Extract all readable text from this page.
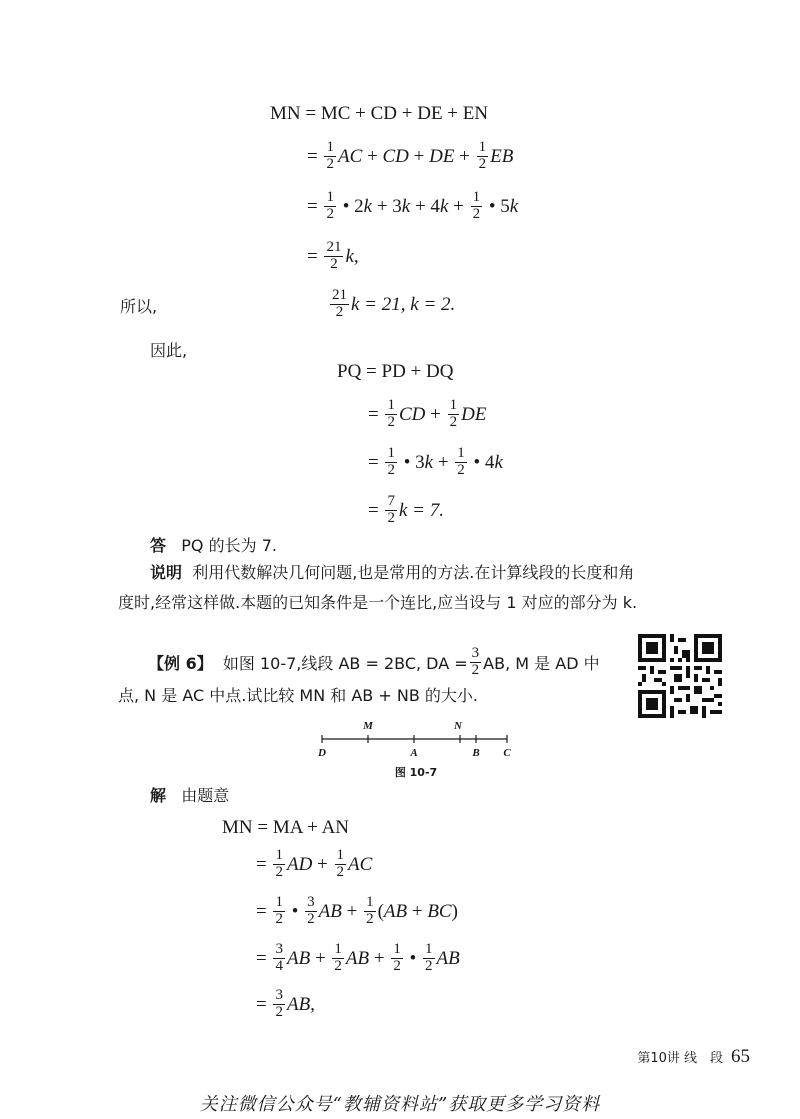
MN = MC + CD + DE + EN
=
$\frac{1}{2}$ AC + CD + DE + $\frac{1}{2}$ EB
=
$\frac{1}{2}$ • 2 k + 3 k + 4 $k + \frac{1}{2}$ • 5 k
=
$\frac{21}{2} k$,
所以,	$\frac{21}{2}$ k = 21, k = 2.
因此,
PQ = PD + DQ
=
$\frac{1}{2}$ CD + $\frac{1}{2}$ DE
=
$\frac{1}{2}$ • 3 $k + \frac{1}{2}$ • 4 k
=
$\frac{7}{2}$ k = 7.
答 PQ 的长为 7.
说明 利用代数解决几何问题,也是常用的方法.在计算线段的长度和角
度时,经常这样做.本题的已知条件是一个连比,应当设与 1 对应的部分为 k.
【例 6】
如图 10-7,线段 AB = 2BC, DA = $\frac{3}{2}$ AB, M 是 AD 中
点, N 是 AC 中点.试比较 MN 和 AB + NB 的大小.
M	N
D	A	B C
图 10-7
解 由题意
MN = MA + AN
=
$\frac{1}{2}$ AD + $\frac{1}{2}$ AC
=
$\frac{1}{2}$ • $\frac{3}{2}$ AB + $\frac{1}{2}$ ( AB + BC )
=
$\frac{3}{4}$ AB + $\frac{1}{2}$ AB + $\frac{1}{2}$ • $\frac{1}{2}$ AB
=
$\frac{3}{2}$ AB,
第10讲 线　段 65
关注微信公众号“教辅资料站”获取更多学习资料
